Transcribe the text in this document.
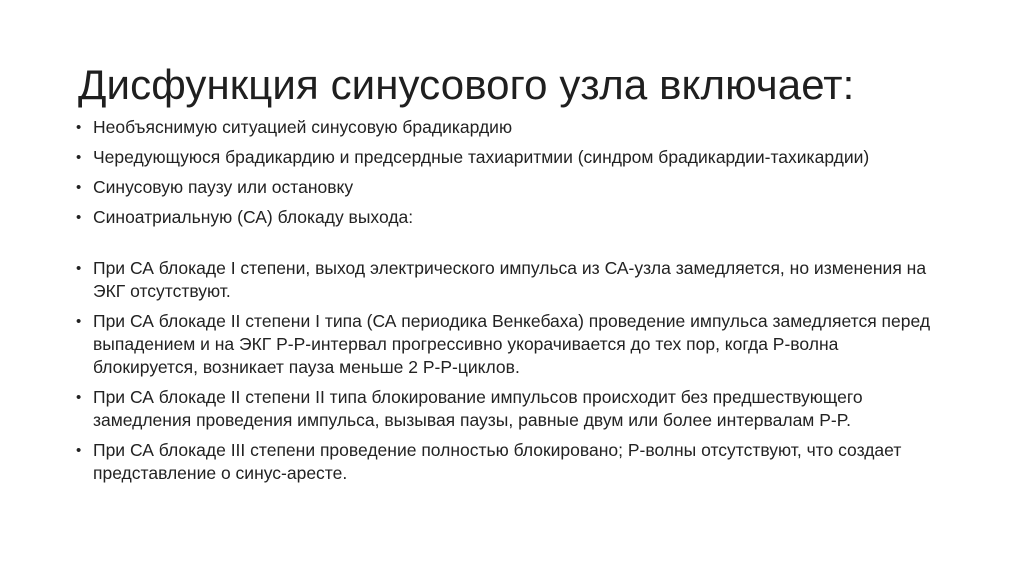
Дисфункция синусового узла включает:
• Необъяснимую ситуацией синусовую брадикардию
• Чередующуюся брадикардию и предсердные тахиаритмии (синдром брадикардии-тахикардии)
• Синусовую паузу или остановку
• Синоатриальную (СА) блокаду выхода:
• При СА блокаде I степени, выход электрического импульса из СА-узла замедляется, но изменения на ЭКГ отсутствуют.
• При СА блокаде II степени I типа (СА периодика Венкебаха) проведение импульса замедляется перед выпадением и на ЭКГ P-P-интервал прогрессивно укорачивается до тех пор, когда P-волна блокируется, возникает пауза меньше 2 P-P-циклов.
• При СА блокаде II степени II типа блокирование импульсов происходит без предшествующего замедления проведения импульса, вызывая паузы, равные двум или более интервалам P-P.
• При СА блокаде III степени проведение полностью блокировано; P-волны отсутствуют, что создает представление о синус-аресте.
